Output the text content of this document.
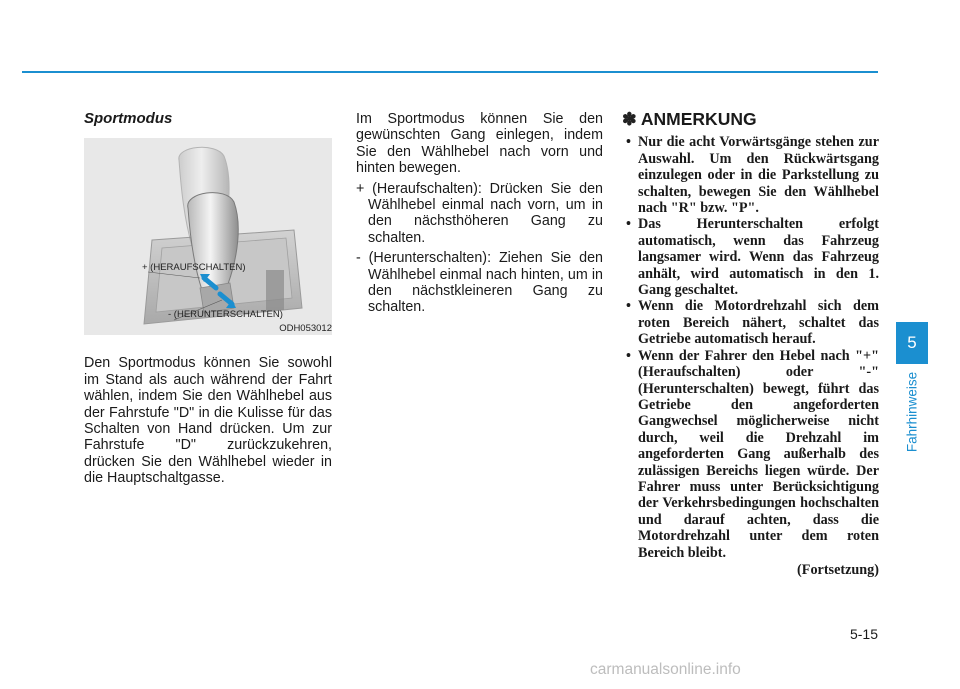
Sportmodus

+ (HERAUFSCHALTEN)
- (HERUNTERSCHALTEN)
ODH053012

Den Sportmodus können Sie sowohl im Stand als auch während der Fahrt wählen, indem Sie den Wählhebel aus der Fahrstufe "D" in die Kulisse für das Schalten von Hand drücken. Um zur Fahrstufe "D" zurückzukehren, drücken Sie den Wählhebel wieder in die Hauptschaltgasse.

Im Sportmodus können Sie den gewünschten Gang einlegen, indem Sie den Wählhebel nach vorn und hinten bewegen.

+ (Heraufschalten): Drücken Sie den Wählhebel einmal nach vorn, um in den nächsthöheren Gang zu schalten.

- (Herunterschalten): Ziehen Sie den Wählhebel einmal nach hinten, um in den nächstkleineren Gang zu schalten.

✽ ANMERKUNG

• Nur die acht Vorwärtsgänge stehen zur Auswahl. Um den Rückwärtsgang einzulegen oder in die Parkstellung zu schalten, bewegen Sie den Wählhebel nach "R" bzw. "P".
• Das Herunterschalten erfolgt automatisch, wenn das Fahrzeug langsamer wird. Wenn das Fahrzeug anhält, wird automatisch in den 1. Gang geschaltet.
• Wenn die Motordrehzahl sich dem roten Bereich nähert, schaltet das Getriebe automatisch herauf.
• Wenn der Fahrer den Hebel nach "+" (Heraufschalten) oder "-" (Herunterschalten) bewegt, führt das Getriebe den angeforderten Gangwechsel möglicherweise nicht durch, weil die Drehzahl im angeforderten Gang außerhalb des zulässigen Bereichs liegen würde. Der Fahrer muss unter Berücksichtigung der Verkehrsbedingungen hochschalten und darauf achten, dass die Motordrehzahl unter dem roten Bereich bleibt.
(Fortsetzung)
5
Fahrhinweise
5-15
carmanualsonline.info
